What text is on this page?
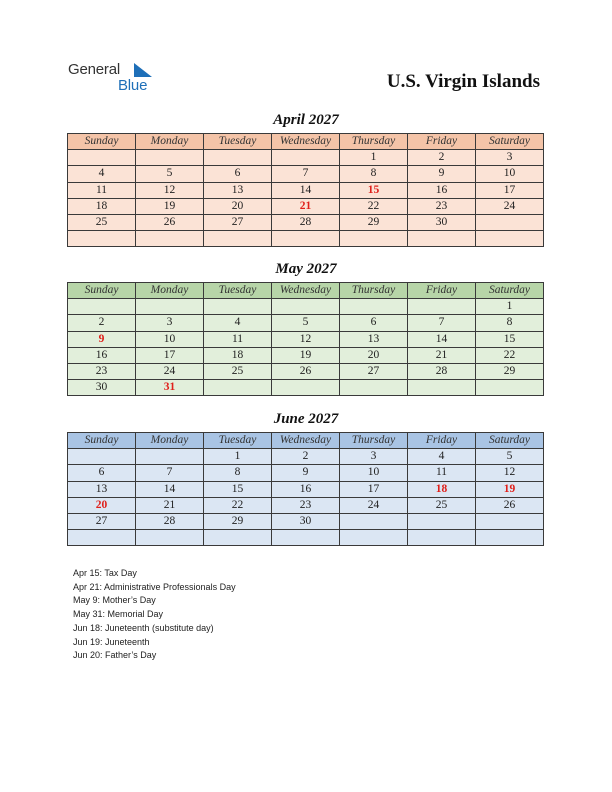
General
Blue	U.S. Virgin Islands
April 2027
Sunday	Monday	Tuesday	Wednesday	Thursday	Friday	Saturday
				1	2	3
4	5	6	7	8	9	10
11	12	13	14	15	16	17
18	19	20	21	22	23	24
25	26	27	28	29	30	

May 2027
Sunday	Monday	Tuesday	Wednesday	Thursday	Friday	Saturday
						1
2	3	4	5	6	7	8
9	10	11	12	13	14	15
16	17	18	19	20	21	22
23	24	25	26	27	28	29
30	31					
June 2027
Sunday	Monday	Tuesday	Wednesday	Thursday	Friday	Saturday
		1	2	3	4	5
6	7	8	9	10	11	12
13	14	15	16	17	18	19
20	21	22	23	24	25	26
27	28	29	30			

Apr 15: Tax Day
Apr 21: Administrative Professionals Day
May 9: Mother’s Day
May 31: Memorial Day
Jun 18: Juneteenth (substitute day)
Jun 19: Juneteenth
Jun 20: Father’s Day
